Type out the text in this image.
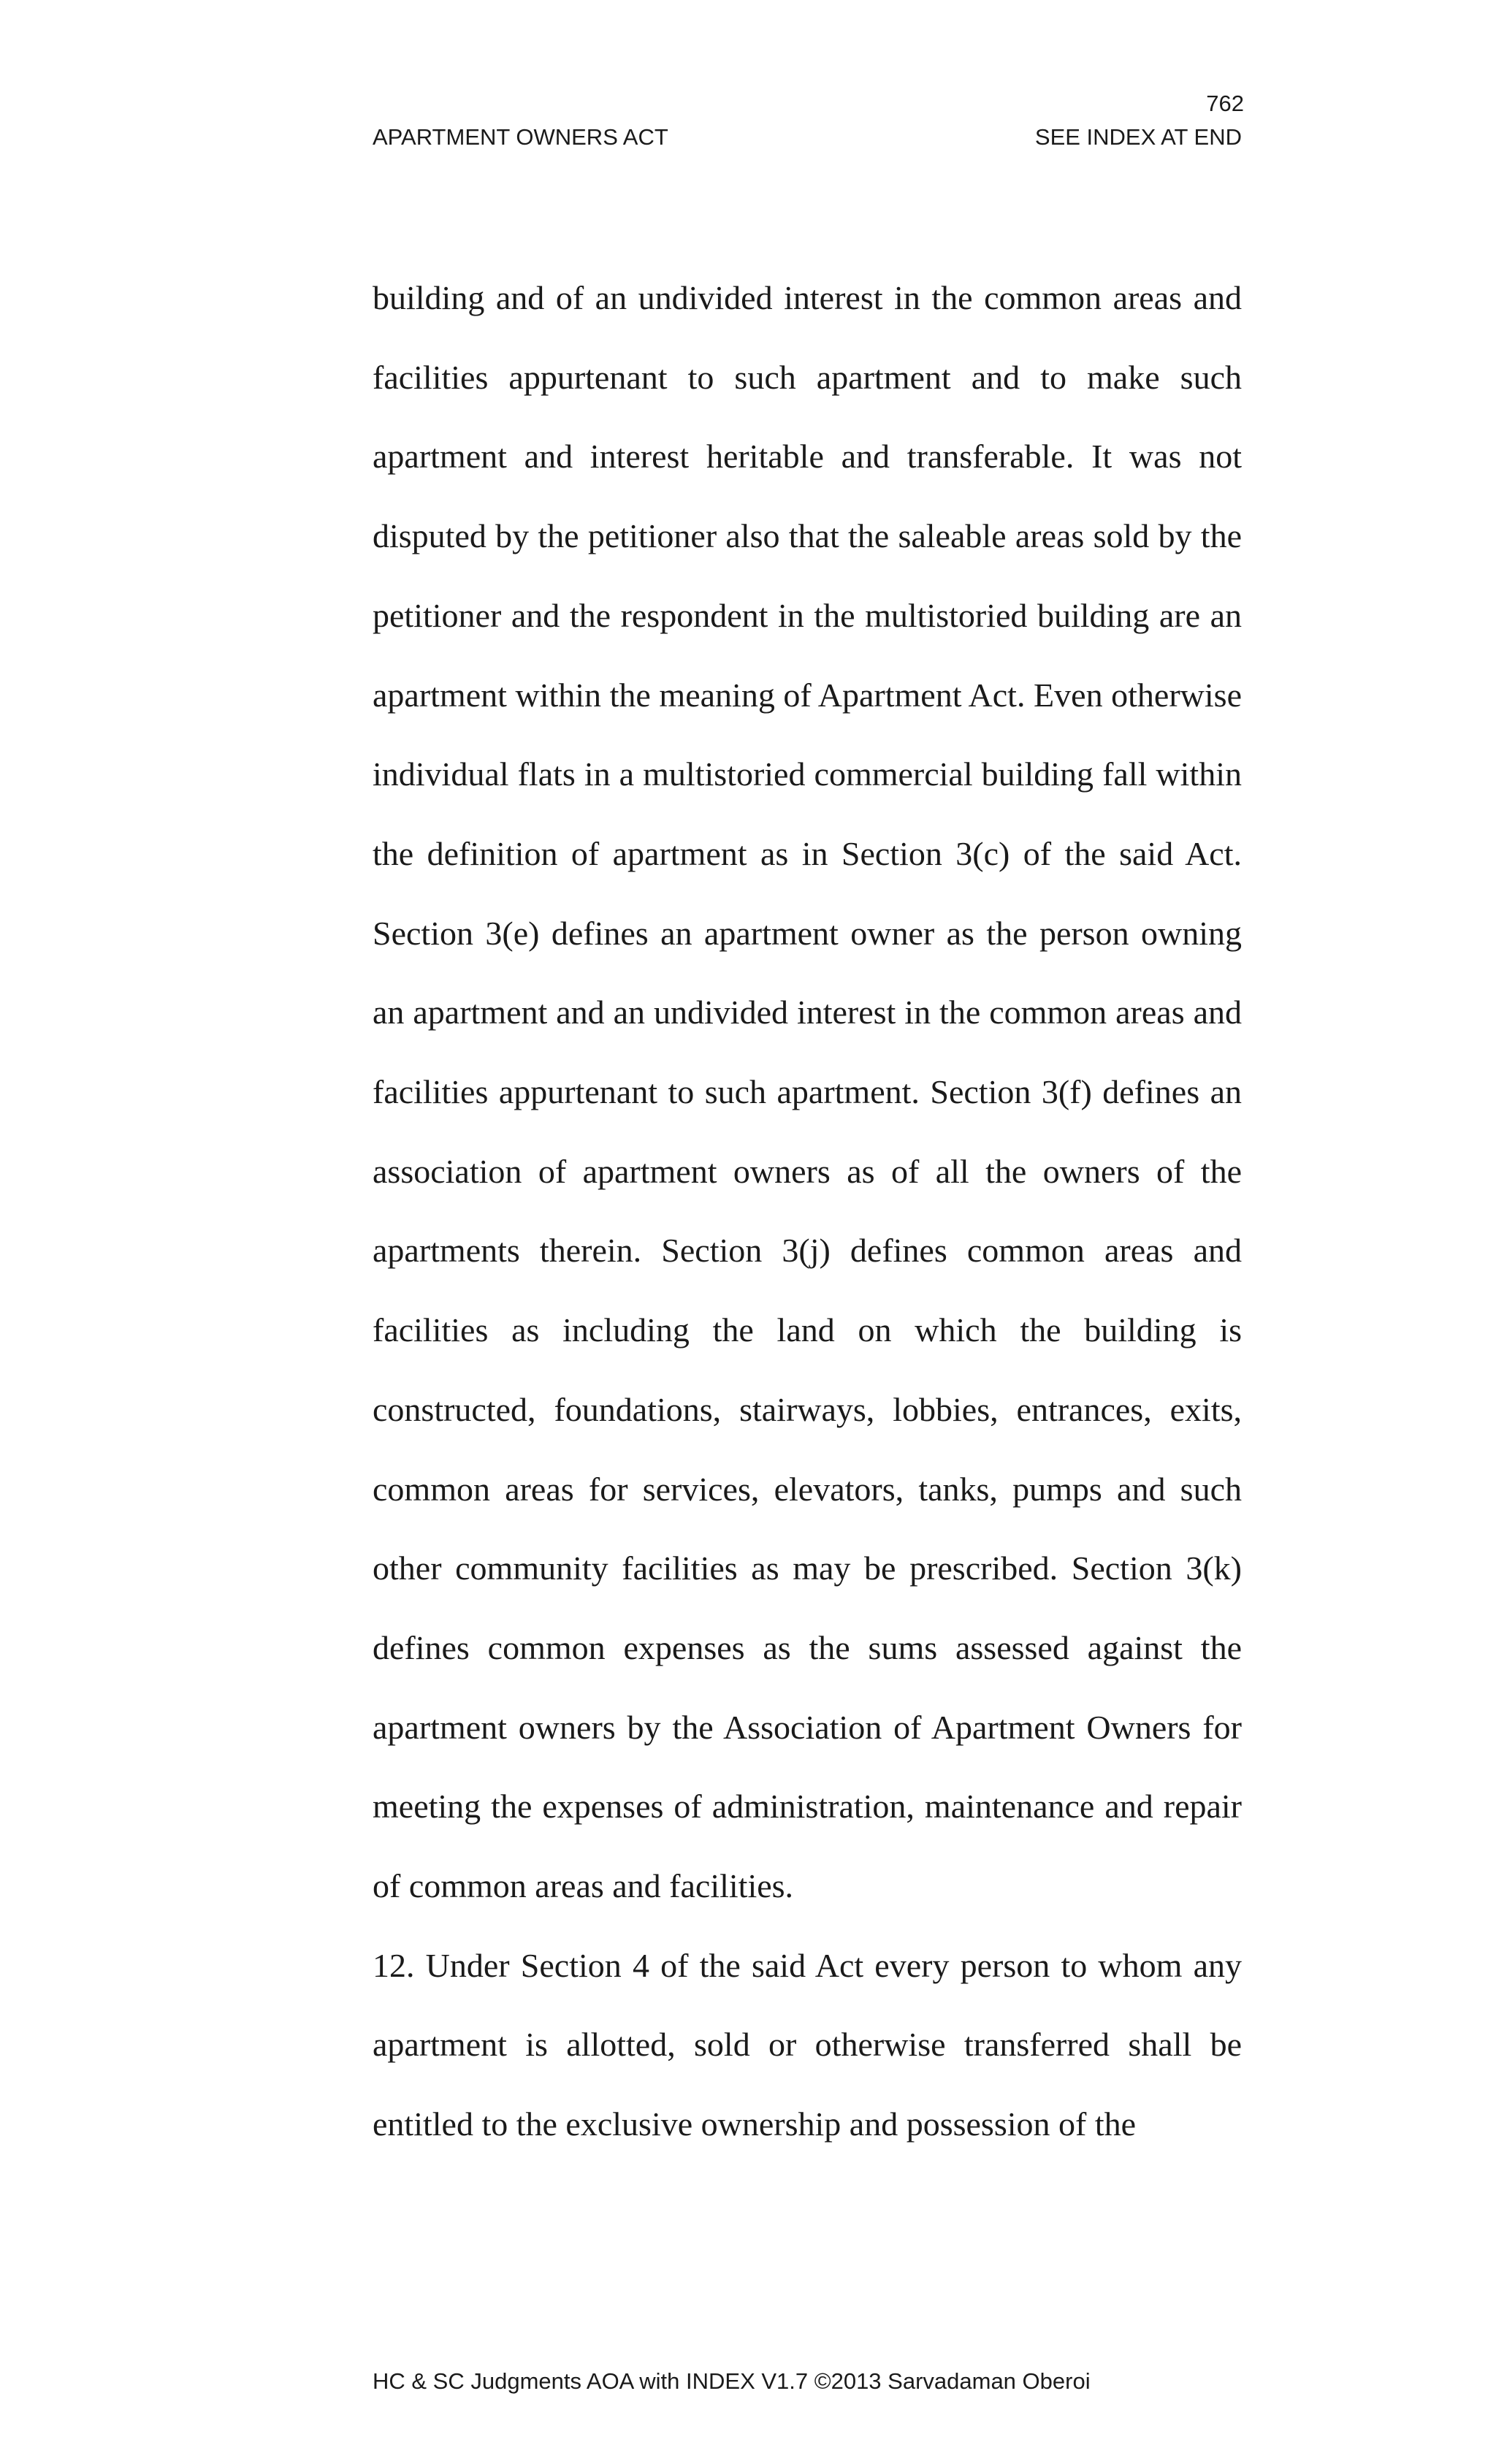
762
APARTMENT OWNERS ACT	SEE INDEX AT END

building and of an undivided interest in the common areas and facilities appurtenant to such apartment and to make such apartment and interest heritable and transferable. It was not disputed by the petitioner also that the saleable areas sold by the petitioner and the respondent in the multistoried building are an apartment within the meaning of Apartment Act. Even otherwise individual flats in a multistoried commercial building fall within the definition of apartment as in Section 3(c) of the said Act. Section 3(e) defines an apartment owner as the person owning an apartment and an undivided interest in the common areas and facilities appurtenant to such apartment. Section 3(f) defines an association of apartment owners as of all the owners of the apartments therein. Section 3(j) defines common areas and facilities as including the land on which the building is constructed, foundations, stairways, lobbies, entrances, exits, common areas for services, elevators, tanks, pumps and such other community facilities as may be prescribed. Section 3(k) defines common expenses as the sums assessed against the apartment owners by the Association of Apartment Owners for meeting the expenses of administration, maintenance and repair of common areas and facilities.

12. Under Section 4 of the said Act every person to whom any apartment is allotted, sold or otherwise transferred shall be entitled to the exclusive ownership and possession of the

HC & SC Judgments AOA with INDEX V1.7 ©2013 Sarvadaman Oberoi
